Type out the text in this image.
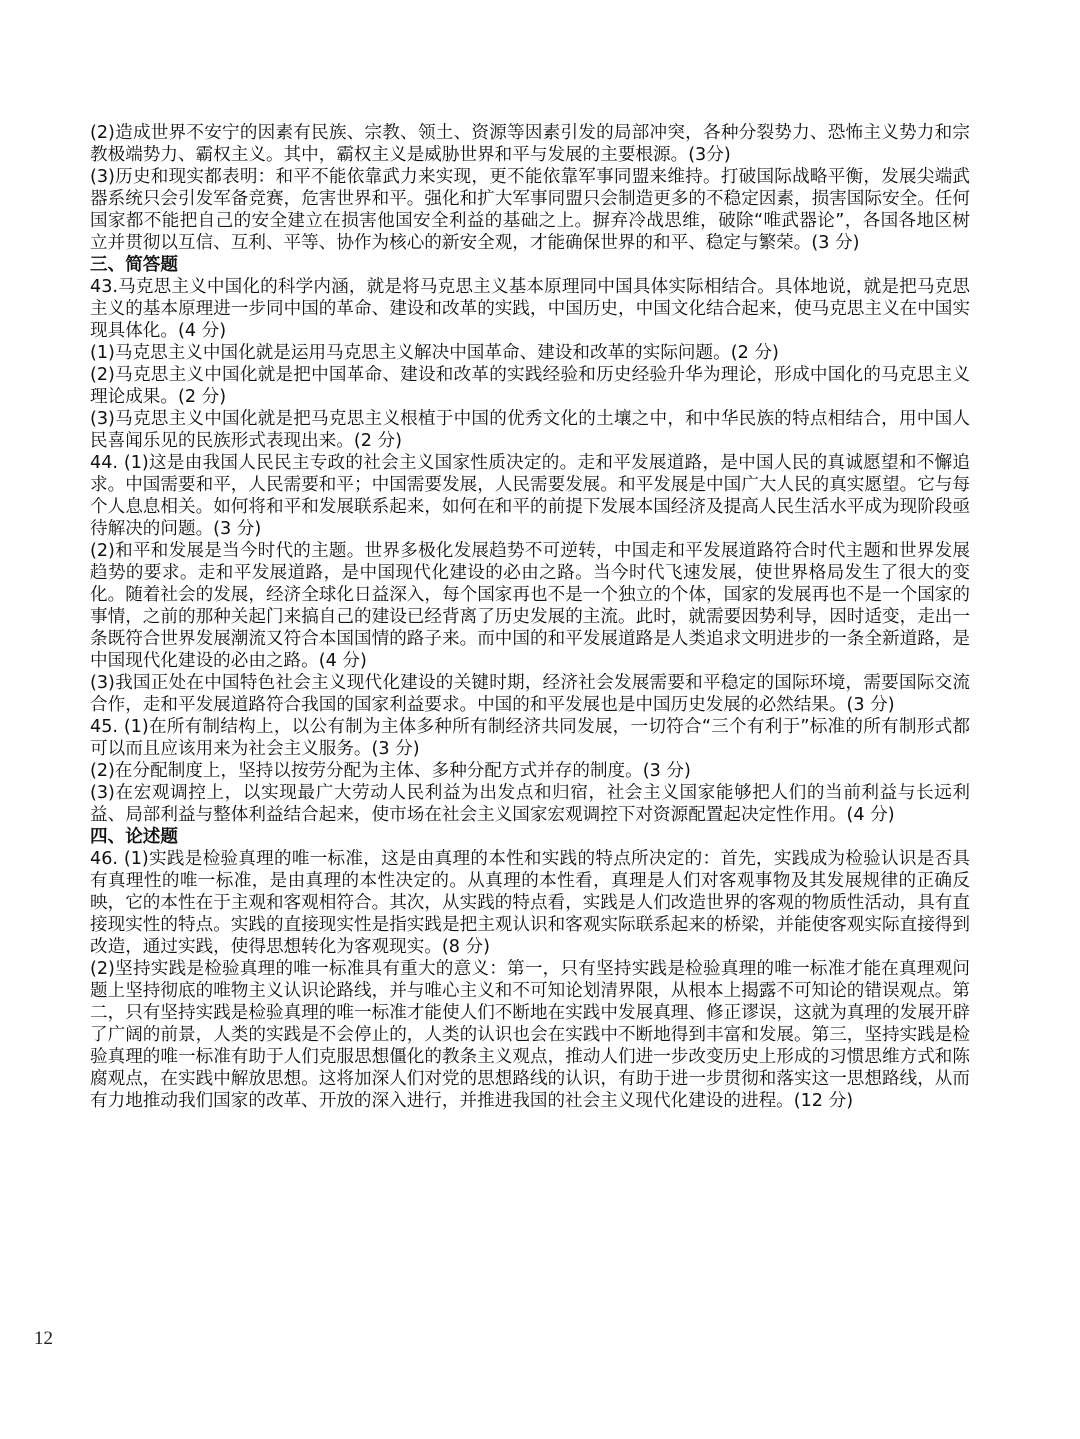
(2)造成世界不安宁的因素有民族、宗教、领土、资源等因素引发的局部冲突，各种分裂势力、恐怖主义势力和宗教极端势力、霸权主义。其中，霸权主义是威胁世界和平与发展的主要根源。(3分)

(3)历史和现实都表明：和平不能依靠武力来实现，更不能依靠军事同盟来维持。打破国际战略平衡，发展尖端武器系统只会引发军备竞赛，危害世界和平。强化和扩大军事同盟只会制造更多的不稳定因素，损害国际安全。任何国家都不能把自己的安全建立在损害他国安全利益的基础之上。摒弃冷战思维，破除“唯武器论”，各国各地区树立并贯彻以互信、互利、平等、协作为核心的新安全观，才能确保世界的和平、稳定与繁荣。(3 分)

三、简答题

43.马克思主义中国化的科学内涵，就是将马克思主义基本原理同中国具体实际相结合。具体地说，就是把马克思主义的基本原理进一步同中国的革命、建设和改革的实践，中国历史，中国文化结合起来，使马克思主义在中国实现具体化。(4 分)

(1)马克思主义中国化就是运用马克思主义解决中国革命、建设和改革的实际问题。(2 分)

(2)马克思主义中国化就是把中国革命、建设和改革的实践经验和历史经验升华为理论，形成中国化的马克思主义理论成果。(2 分)

(3)马克思主义中国化就是把马克思主义根植于中国的优秀文化的土壤之中，和中华民族的特点相结合，用中国人民喜闻乐见的民族形式表现出来。(2 分)

44. (1)这是由我国人民民主专政的社会主义国家性质决定的。走和平发展道路，是中国人民的真诚愿望和不懈追求。中国需要和平，人民需要和平；中国需要发展，人民需要发展。和平发展是中国广大人民的真实愿望。它与每个人息息相关。如何将和平和发展联系起来，如何在和平的前提下发展本国经济及提高人民生活水平成为现阶段亟待解决的问题。(3 分)

(2)和平和发展是当今时代的主题。世界多极化发展趋势不可逆转，中国走和平发展道路符合时代主题和世界发展趋势的要求。走和平发展道路，是中国现代化建设的必由之路。当今时代飞速发展，使世界格局发生了很大的变化。随着社会的发展，经济全球化日益深入，每个国家再也不是一个独立的个体，国家的发展再也不是一个国家的事情，之前的那种关起门来搞自己的建设已经背离了历史发展的主流。此时，就需要因势利导，因时适变，走出一条既符合世界发展潮流又符合本国国情的路子来。而中国的和平发展道路是人类追求文明进步的一条全新道路，是中国现代化建设的必由之路。(4 分)

(3)我国正处在中国特色社会主义现代化建设的关键时期，经济社会发展需要和平稳定的国际环境，需要国际交流合作，走和平发展道路符合我国的国家利益要求。中国的和平发展也是中国历史发展的必然结果。(3 分)

45. (1)在所有制结构上，以公有制为主体多种所有制经济共同发展，一切符合“三个有利于”标准的所有制形式都可以而且应该用来为社会主义服务。(3 分)

(2)在分配制度上，坚持以按劳分配为主体、多种分配方式并存的制度。(3 分)

(3)在宏观调控上，以实现最广大劳动人民利益为出发点和归宿，社会主义国家能够把人们的当前利益与长远利益、局部利益与整体利益结合起来，使市场在社会主义国家宏观调控下对资源配置起决定性作用。(4 分)

四、论述题

46. (1)实践是检验真理的唯一标准，这是由真理的本性和实践的特点所决定的：首先，实践成为检验认识是否具有真理性的唯一标准，是由真理的本性决定的。从真理的本性看，真理是人们对客观事物及其发展规律的正确反映，它的本性在于主观和客观相符合。其次，从实践的特点看，实践是人们改造世界的客观的物质性活动，具有直接现实性的特点。实践的直接现实性是指实践是把主观认识和客观实际联系起来的桥梁，并能使客观实际直接得到改造，通过实践，使得思想转化为客观现实。(8 分)

(2)坚持实践是检验真理的唯一标准具有重大的意义：第一，只有坚持实践是检验真理的唯一标准才能在真理观问题上坚持彻底的唯物主义认识论路线，并与唯心主义和不可知论划清界限，从根本上揭露不可知论的错误观点。第二，只有坚持实践是检验真理的唯一标准才能使人们不断地在实践中发展真理、修正谬误，这就为真理的发展开辟了广阔的前景，人类的实践是不会停止的，人类的认识也会在实践中不断地得到丰富和发展。第三，坚持实践是检验真理的唯一标准有助于人们克服思想僵化的教条主义观点，推动人们进一步改变历史上形成的习惯思维方式和陈腐观点，在实践中解放思想。这将加深人们对党的思想路线的认识，有助于进一步贯彻和落实这一思想路线，从而有力地推动我们国家的改革、开放的深入进行，并推进我国的社会主义现代化建设的进程。(12 分)

12
